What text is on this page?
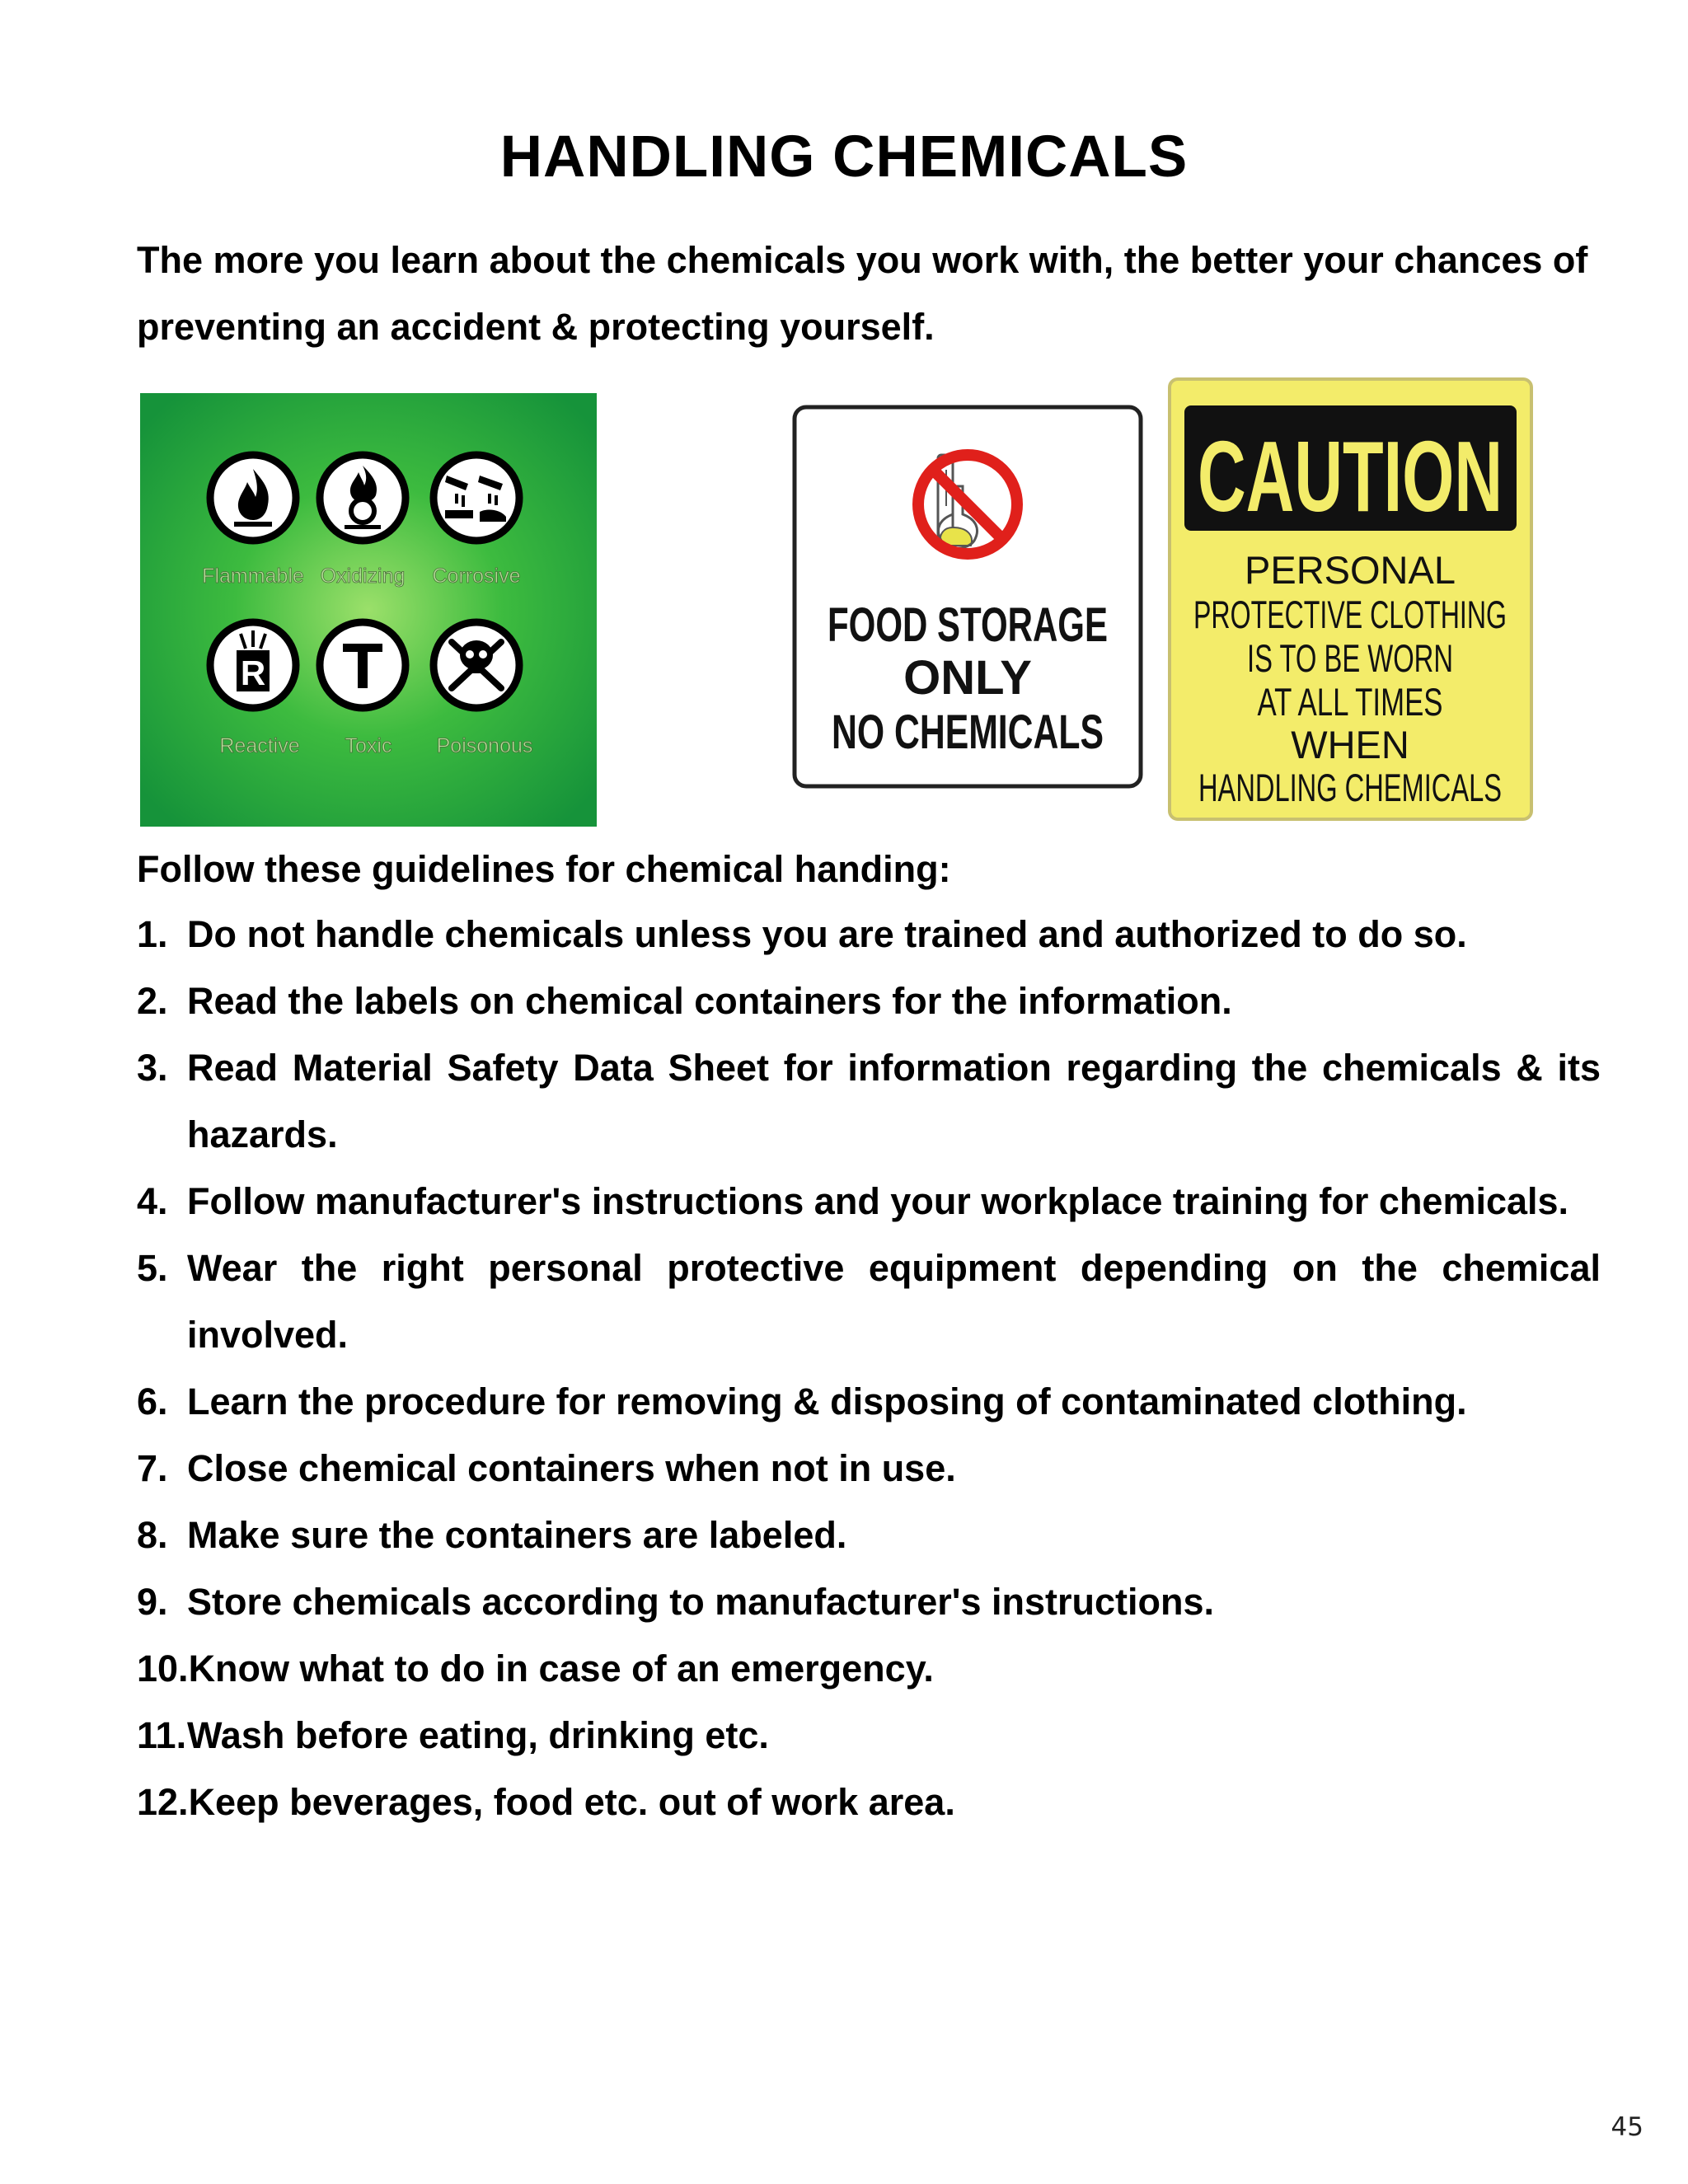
HANDLING CHEMICALS

The more you learn about the chemicals you work with, the better your chances of preventing an accident & protecting yourself.

R
Flammable Oxidizing Corrosive
Reactive Toxic Poisonous
FOOD STORAGE
ONLY
NO CHEMICALS
CAUTION
PERSONAL
PROTECTIVE CLOTHING
IS TO BE WORN
AT ALL TIMES
WHEN
HANDLING CHEMICALS

Follow these guidelines for chemical handing:

1. Do not handle chemicals unless you are trained and authorized to do so.
2. Read the labels on chemical containers for the information.
3. Read Material Safety Data Sheet for information regarding the chemicals & its hazards.
4. Follow manufacturer's instructions and your workplace training for chemicals.
5. Wear the right personal protective equipment depending on the chemical involved.
6. Learn the procedure for removing & disposing of contaminated clothing.
7. Close chemical containers when not in use.
8. Make sure the containers are labeled.
9. Store chemicals according to manufacturer's instructions.
10. Know what to do in case of an emergency.
11. Wash before eating, drinking etc.
12. Keep beverages, food etc. out of work area.

45
